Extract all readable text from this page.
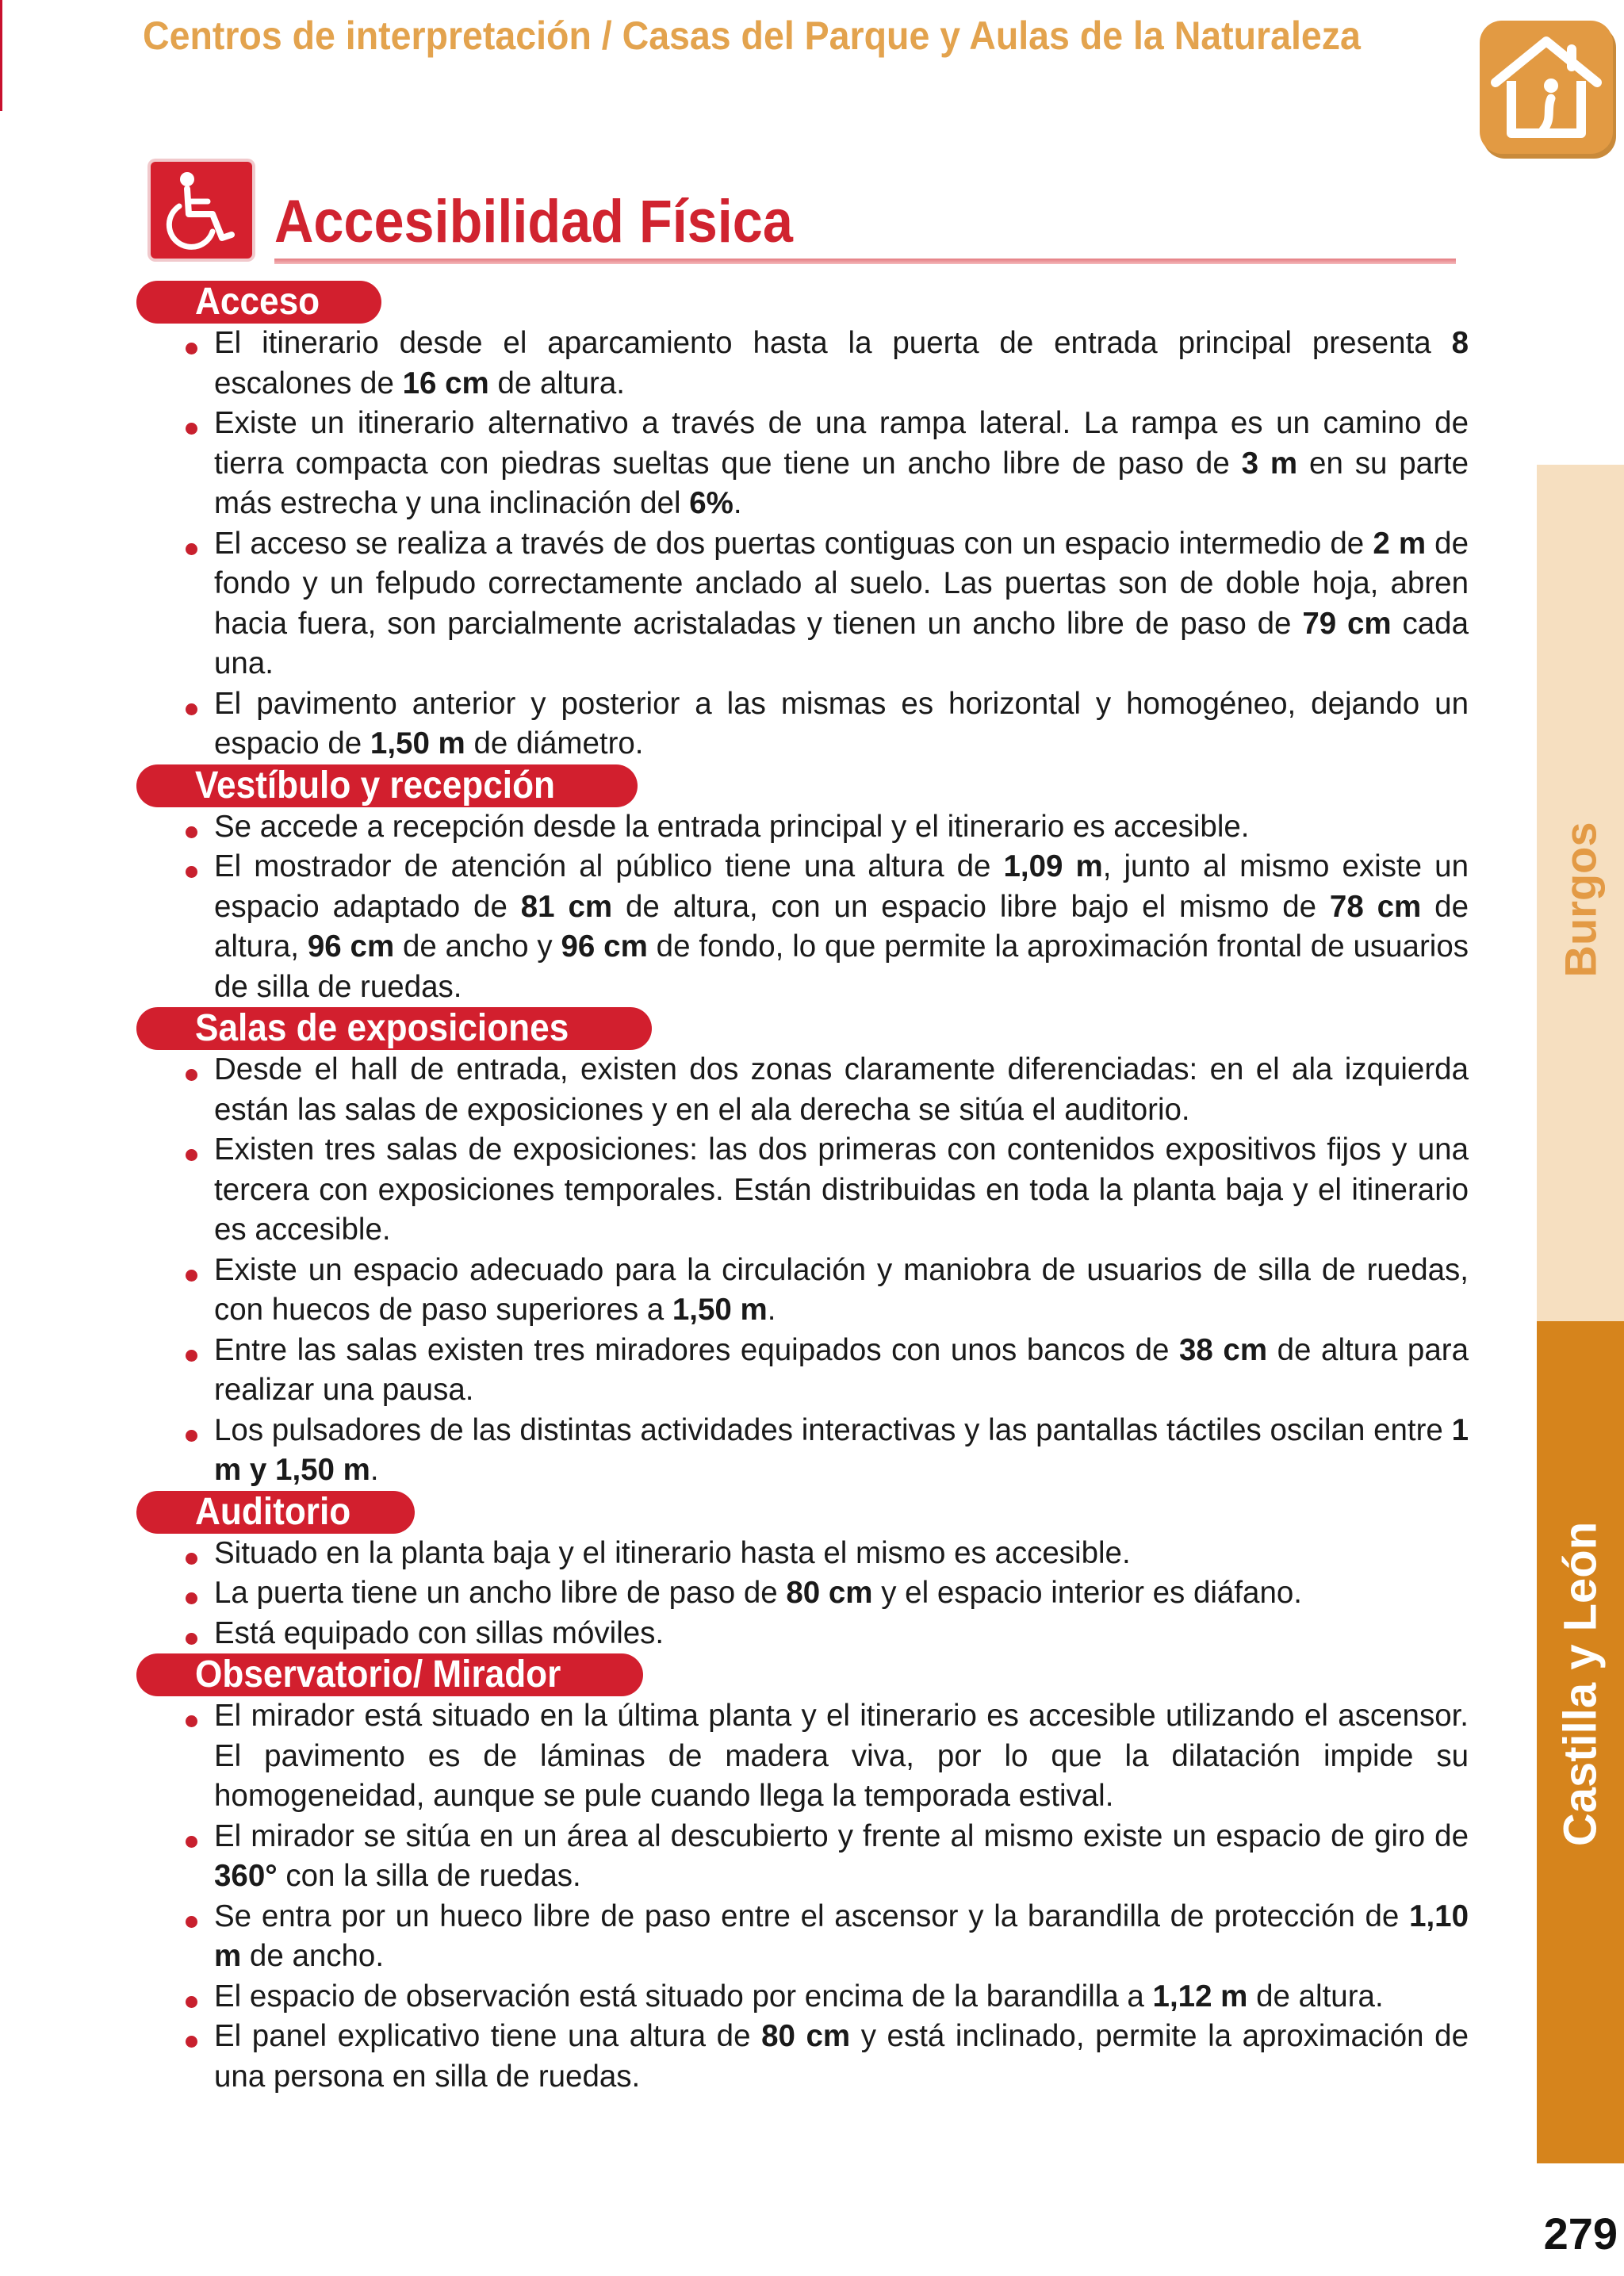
Centros de interpretación / Casas del Parque y Aulas de la Naturaleza
Accesibilidad Física
Acceso
El itinerario desde el aparcamiento hasta la puerta de entrada principal presenta 8 escalones de 16 cm de altura.
Existe un itinerario alternativo a través de una rampa lateral. La rampa es un camino de tierra compacta con piedras sueltas que tiene un ancho libre de paso de 3 m en su parte más estrecha y una inclinación del 6%.
El acceso se realiza a través de dos puertas contiguas con un espacio intermedio de 2 m de fondo y un felpudo correctamente anclado al suelo. Las puertas son de doble hoja, abren hacia fuera, son parcialmente acristaladas y tienen un ancho libre de paso de 79 cm cada una.
El pavimento anterior y posterior a las mismas es horizontal y homogéneo, dejando un espacio de 1,50 m de diámetro.
Vestíbulo y recepción
Se accede a recepción desde la entrada principal y el itinerario es accesible.
El mostrador de atención al público tiene una altura de 1,09 m, junto al mismo existe un espacio adaptado de 81 cm de altura, con un espacio libre bajo el mismo de 78 cm de altura, 96 cm de ancho y 96 cm de fondo, lo que permite la aproximación frontal de usuarios de silla de ruedas.
Salas de exposiciones
Desde el hall de entrada, existen dos zonas claramente diferenciadas: en el ala izquierda están las salas de exposiciones y en el ala derecha se sitúa el auditorio.
Existen tres salas de exposiciones: las dos primeras con contenidos expositivos fijos y una tercera con exposiciones temporales. Están distribuidas en toda la planta baja y el itinerario es accesible.
Existe un espacio adecuado para la circulación y maniobra de usuarios de silla de ruedas, con huecos de paso superiores a 1,50 m.
Entre las salas existen tres miradores equipados con unos bancos de 38 cm de altura para realizar una pausa.
Los pulsadores de las distintas actividades interactivas y las pantallas táctiles oscilan entre 1 m y 1,50 m.
Auditorio
Situado en la planta baja y el itinerario hasta el mismo es accesible.
La puerta tiene un ancho libre de paso de 80 cm y el espacio interior es diáfano.
Está equipado con sillas móviles.
Observatorio/ Mirador
El mirador está situado en la última planta y el itinerario es accesible utilizando el ascensor. El pavimento es de láminas de madera viva, por lo que la dilatación impide su homogeneidad, aunque se pule cuando llega la temporada estival.
El mirador se sitúa en un área al descubierto y frente al mismo existe un espacio de giro de 360° con la silla de ruedas.
Se entra por un hueco libre de paso entre el ascensor y la barandilla de protección de 1,10 m de ancho.
El espacio de observación está situado por encima de la barandilla a 1,12 m de altura.
El panel explicativo tiene una altura de 80 cm y está inclinado, permite la aproximación de una persona en silla de ruedas.
Burgos
Castilla y León
279
